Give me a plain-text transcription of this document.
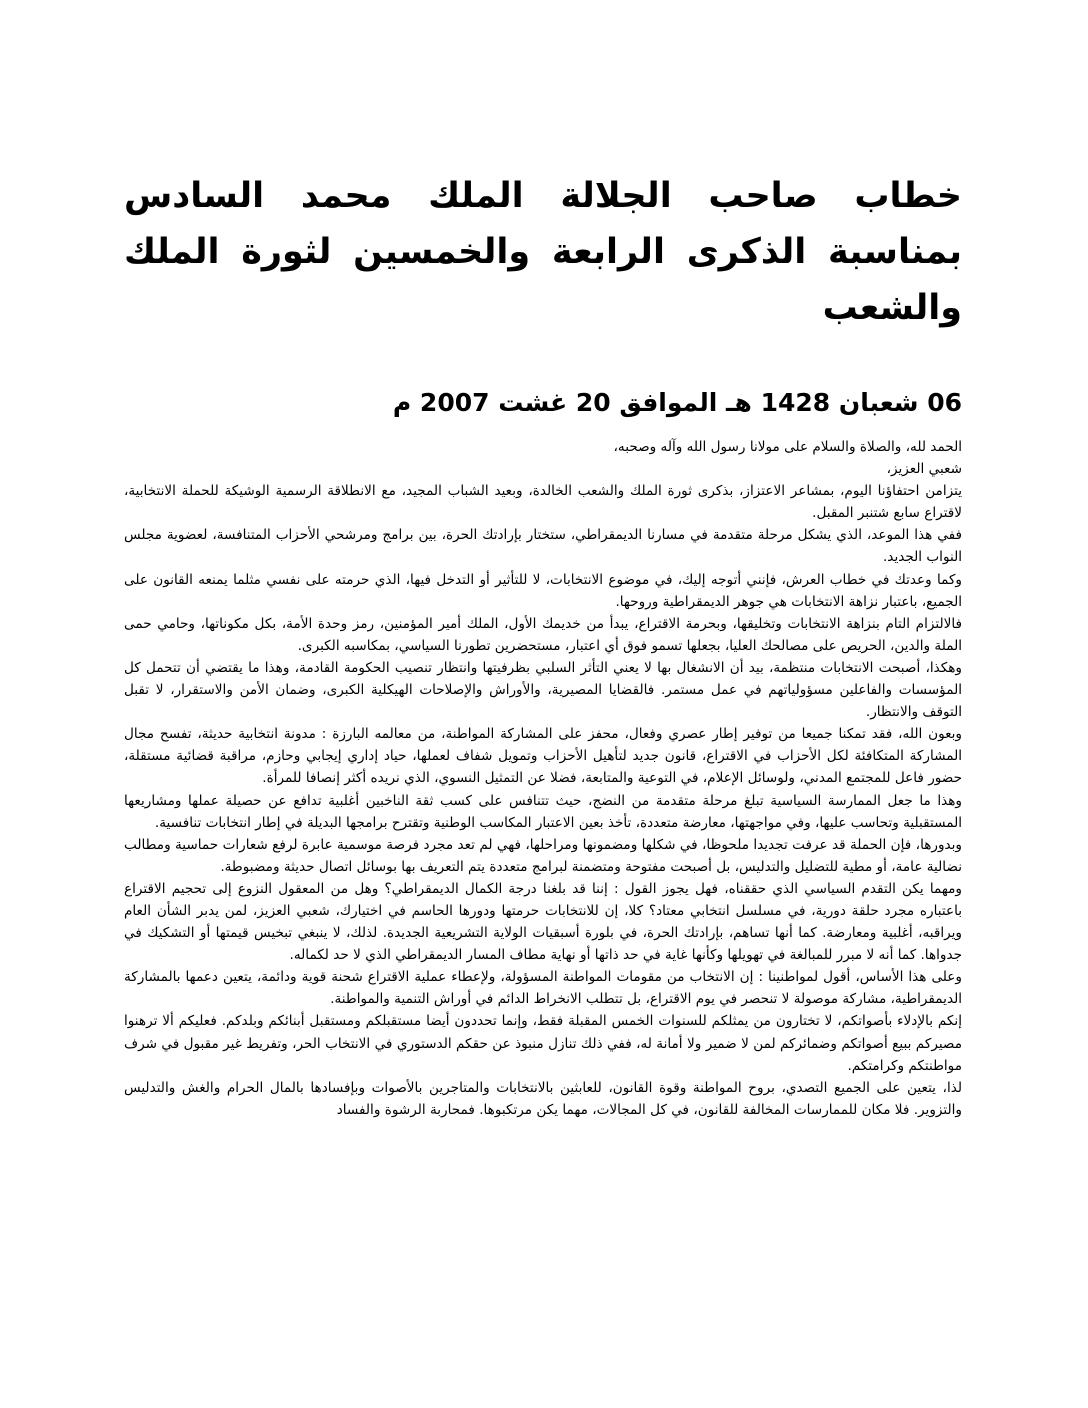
خطاب صاحب الجلالة الملك محمد السادس بمناسبة الذكرى الرابعة والخمسين لثورة الملك والشعب
06 شعبان 1428 هـ الموافق 20 غشت 2007 م

الحمد لله، والصلاة والسلام على مولانا رسول الله وآله وصحبه،

شعبي العزيز،

يتزامن احتفاؤنا اليوم، بمشاعر الاعتزاز، بذكرى ثورة الملك والشعب الخالدة، وبعيد الشباب المجيد، مع الانطلاقة الرسمية الوشيكة للحملة الانتخابية، لاقتراع سابع شتنبر المقبل.

ففي هذا الموعد، الذي يشكل مرحلة متقدمة في مسارنا الديمقراطي، ستختار بإرادتك الحرة، بين برامج ومرشحي الأحزاب المتنافسة، لعضوية مجلس النواب الجديد.

وكما وعدتك في خطاب العرش، فإنني أتوجه إليك، في موضوع الانتخابات، لا للتأثير أو التدخل فيها، الذي حرمته على نفسي مثلما يمنعه القانون على الجميع، باعتبار نزاهة الانتخابات هي جوهر الديمقراطية وروحها.

فالالتزام التام بنزاهة الانتخابات وتخليقها، وبحرمة الاقتراع، يبدأ من خديمك الأول، الملك أمير المؤمنين، رمز وحدة الأمة، بكل مكوناتها، وحامي حمى الملة والدين، الحريص على مصالحك العليا، بجعلها تسمو فوق أي اعتبار، مستحضرين تطورنا السياسي، بمكاسبه الكبرى.

وهكذا، أصبحت الانتخابات منتظمة، بيد أن الانشغال بها لا يعني التأثر السلبي بظرفيتها وانتظار تنصيب الحكومة القادمة، وهذا ما يقتضي أن تتحمل كل المؤسسات والفاعلين مسؤولياتهم في عمل مستمر. فالقضايا المصيرية، والأوراش والإصلاحات الهيكلية الكبرى، وضمان الأمن والاستقرار، لا تقبل التوقف والانتظار.

وبعون الله، فقد تمكنا جميعا من توفير إطار عصري وفعال، محفز على المشاركة المواطنة، من معالمه البارزة : مدونة انتخابية حديثة، تفسح مجال المشاركة المتكافئة لكل الأحزاب في الاقتراع، قانون جديد لتأهيل الأحزاب وتمويل شفاف لعملها، حياد إداري إيجابي وحازم، مراقبة قضائية مستقلة، حضور فاعل للمجتمع المدني، ولوسائل الإعلام، في التوعية والمتابعة، فضلا عن التمثيل النسوي، الذي نريده أكثر إنصافا للمرأة.

وهذا ما جعل الممارسة السياسية تبلغ مرحلة متقدمة من النضج، حيث تتنافس على كسب ثقة الناخبين أغلبية تدافع عن حصيلة عملها ومشاريعها المستقبلية وتحاسب عليها، وفي مواجهتها، معارضة متعددة، تأخذ بعين الاعتبار المكاسب الوطنية وتقترح برامجها البديلة في إطار انتخابات تنافسية.

وبدورها، فإن الحملة قد عرفت تجديدا ملحوظا، في شكلها ومضمونها ومراحلها، فهي لم تعد مجرد فرصة موسمية عابرة لرفع شعارات حماسية ومطالب نضالية عامة، أو مطية للتضليل والتدليس، بل أصبحت مفتوحة ومتضمنة لبرامج متعددة يتم التعريف بها بوسائل اتصال حديثة ومضبوطة.

ومهما يكن التقدم السياسي الذي حققناه، فهل يجوز القول : إننا قد بلغنا درجة الكمال الديمقراطي؟ وهل من المعقول النزوع إلى تحجيم الاقتراع باعتباره مجرد حلقة دورية، في مسلسل انتخابي معتاد؟ كلا، إن للانتخابات حرمتها ودورها الحاسم في اختيارك، شعبي العزيز، لمن يدبر الشأن العام ويراقبه، أغلبية ومعارضة. كما أنها تساهم، بإرادتك الحرة، في بلورة أسبقيات الولاية التشريعية الجديدة. لذلك، لا ينبغي تبخيس قيمتها أو التشكيك في جدواها. كما أنه لا مبرر للمبالغة في تهويلها وكأنها غاية في حد ذاتها أو نهاية مطاف المسار الديمقراطي الذي لا حد لكماله.

وعلى هذا الأساس، أقول لمواطنينا : إن الانتخاب من مقومات المواطنة المسؤولة، ولإعطاء عملية الاقتراع شحنة قوية ودائمة، يتعين دعمها بالمشاركة الديمقراطية، مشاركة موصولة لا تنحصر في يوم الاقتراع، بل تتطلب الانخراط الدائم في أوراش التنمية والمواطنة.

إنكم بالإدلاء بأصواتكم، لا تختارون من يمثلكم للسنوات الخمس المقبلة فقط، وإنما تحددون أيضا مستقبلكم ومستقبل أبنائكم وبلدكم. فعليكم ألا ترهنوا مصيركم ببيع أصواتكم وضمائركم لمن لا ضمير ولا أمانة له، ففي ذلك تنازل منبوذ عن حقكم الدستوري في الانتخاب الحر، وتفريط غير مقبول في شرف مواطنتكم وكرامتكم.

لذا، يتعين على الجميع التصدي، بروح المواطنة وقوة القانون، للعابثين بالانتخابات والمتاجرين بالأصوات وبإفسادها بالمال الحرام والغش والتدليس والتزوير. فلا مكان للممارسات المخالفة للقانون، في كل المجالات، مهما يكن مرتكبوها. فمحاربة الرشوة والفساد
